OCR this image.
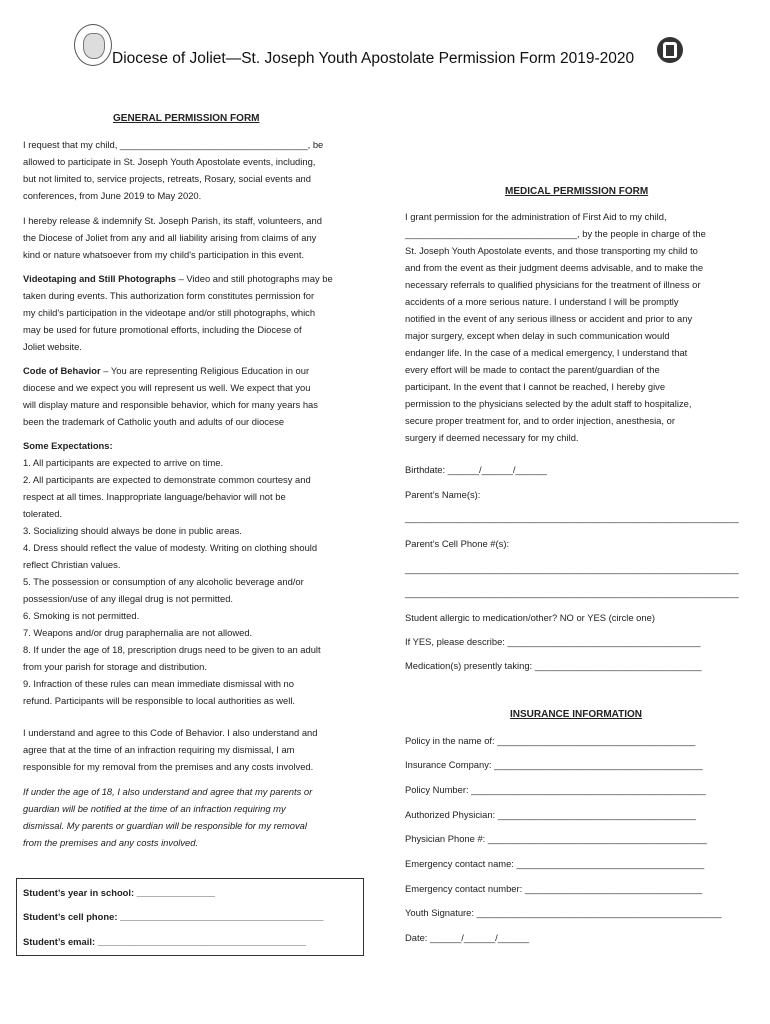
Diocese of Joliet—St. Joseph Youth Apostolate Permission Form 2019-2020
GENERAL PERMISSION FORM
I request that my child, ____________________________________, be
allowed to participate in St. Joseph Youth Apostolate events, including,
but not limited to, service projects, retreats, Rosary, social events and
conferences, from June 2019 to May 2020.
I hereby release & indemnify St. Joseph Parish, its staff, volunteers, and
the Diocese of Joliet from any and all liability arising from claims of any
kind or nature whatsoever from my child's participation in this event.
Videotaping and Still Photographs – Video and still photographs may be
taken during events. This authorization form constitutes permission for
my child's participation in the videotape and/or still photographs, which
may be used for future promotional efforts, including the Diocese of
Joliet website.
Code of Behavior – You are representing Religious Education in our
diocese and we expect you will represent us well. We expect that you
will display mature and responsible behavior, which for many years has
been the trademark of Catholic youth and adults of our diocese
Some Expectations:
1. All participants are expected to arrive on time.
2. All participants are expected to demonstrate common courtesy and
respect at all times. Inappropriate language/behavior will not be
tolerated.
3. Socializing should always be done in public areas.
4. Dress should reflect the value of modesty. Writing on clothing should
reflect Christian values.
5. The possession or consumption of any alcoholic beverage and/or
possession/use of any illegal drug is not permitted.
6. Smoking is not permitted.
7. Weapons and/or drug paraphernalia are not allowed.
8. If under the age of 18, prescription drugs need to be given to an adult
from your parish for storage and distribution.
9. Infraction of these rules can mean immediate dismissal with no
refund. Participants will be responsible to local authorities as well.
I understand and agree to this Code of Behavior. I also understand and
agree that at the time of an infraction requiring my dismissal, I am
responsible for my removal from the premises and any costs involved.
If under the age of 18, I also understand and agree that my parents or
guardian will be notified at the time of an infraction requiring my
dismissal. My parents or guardian will be responsible for my removal
from the premises and any costs involved.
Student’s year in school: _______________
Student’s cell phone: _______________________________________
Student’s email: ________________________________________
MEDICAL PERMISSION FORM
I grant permission for the administration of First Aid to my child,
_________________________________, by the people in charge of the
St. Joseph Youth Apostolate events, and those transporting my child to
and from the event as their judgment deems advisable, and to make the
necessary referrals to qualified physicians for the treatment of illness or
accidents of a more serious nature. I understand I will be promptly
notified in the event of any serious illness or accident and prior to any
major surgery, except when delay in such communication would
endanger life. In the case of a medical emergency, I understand that
every effort will be made to contact the parent/guardian of the
participant. In the event that I cannot be reached, I hereby give
permission to the physicians selected by the adult staff to hospitalize,
secure proper treatment for, and to order injection, anesthesia, or
surgery if deemed necessary for my child.
Birthdate: ______/______/______
Parent’s Name(s):
________________________________________________________________
Parent’s Cell Phone #(s):
________________________________________________________________
________________________________________________________________
Student allergic to medication/other? NO or YES (circle one)
If YES, please describe: _____________________________________
Medication(s) presently taking: ________________________________
INSURANCE INFORMATION
Policy in the name of: ______________________________________
Insurance Company: ________________________________________
Policy Number: _____________________________________________
Authorized Physician: ______________________________________
Physician Phone #: __________________________________________
Emergency contact name: ____________________________________
Emergency contact number: __________________________________
Youth Signature: _______________________________________________
Date: ______/______/______
